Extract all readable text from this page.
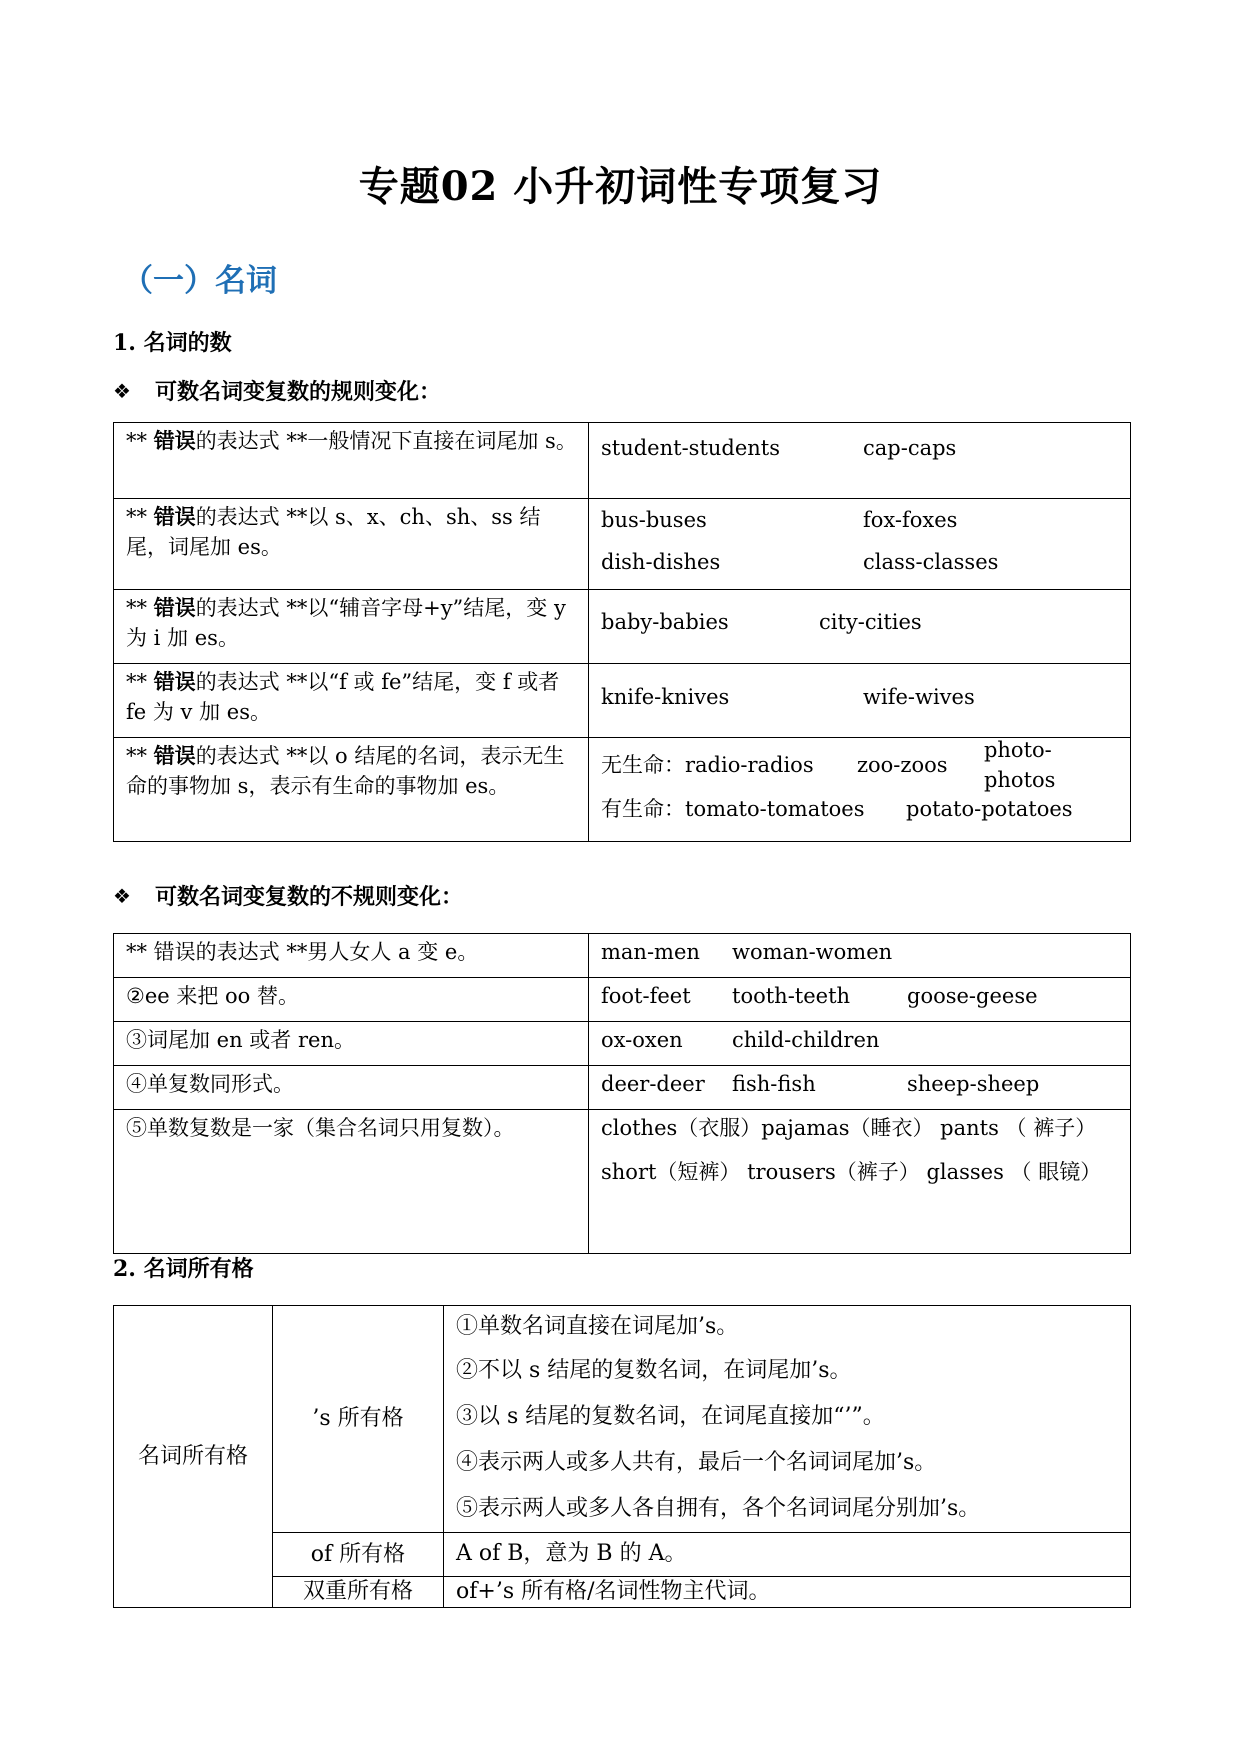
专题02 小升初词性专项复习
（一）名词
1. 名词的数
❖	可数名词变复数的规则变化：
** 错误的表达式 **一般情况下直接在词尾加 s。	student-students cap-caps

** 错误的表达式 **以 s、x、ch、sh、ss 结尾，词尾加 es。	bus-buses fox-foxes
dish-dishes class-classes

** 错误的表达式 **以“辅音字母+y”结尾，变 y 为 i 加 es。	baby-babies city-cities

** 错误的表达式 **以“f 或 fe”结尾，变 f 或者 fe 为 v 加 es。	knife-knives wife-wives

** 错误的表达式 **以 o 结尾的名词，表示无生命的事物加 s，表示有生命的事物加 es。	无生命：radio-radios zoo-zoos
photo-photos
有生命：tomato-tomatoes potato-potatoes
❖	可数名词变复数的不规则变化：
** 错误的表达式 **男人女人 a 变 e。	man-men woman-women

②ee 来把 oo 替。	foot-feet tooth-teeth goose-geese

③词尾加 en 或者 ren。	ox-oxen child-children

④单复数同形式。	deer-deer fish-fish sheep-sheep

⑤单数复数是一家（集合名词只用复数）。	clothes（衣服）pajamas（睡衣） pants （ 裤子）
short（短裤） trousers（裤子） glasses （ 眼镜）
2. 名词所有格
名词所有格	’s 所有格	①单数名词直接在词尾加’s。
②不以 s 结尾的复数名词，在词尾加’s。
③以 s 结尾的复数名词，在词尾直接加“’”。
④表示两人或多人共有，最后一个名词词尾加’s。
⑤表示两人或多人各自拥有，各个名词词尾分别加’s。

	of 所有格	A of B，意为 B 的 A。
	双重所有格	of+’s 所有格/名词性物主代词。
